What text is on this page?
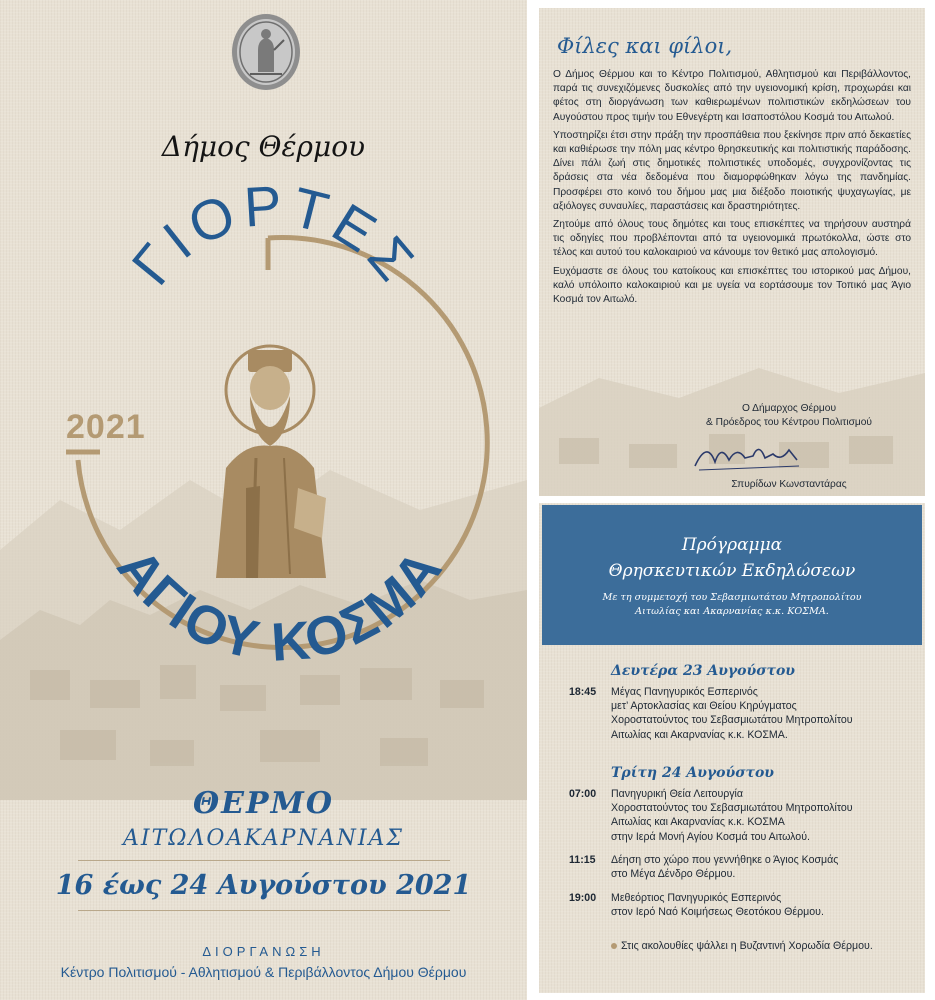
Δήμος Θέρμου
ΓΙΟΡΤΕΣ
ΑΓΙΟΥ ΚΟΣΜΑ
2021
ΘΕΡΜΟ
ΑΙΤΩΛΟΑΚΑΡΝΑΝΙΑΣ
16 έως 24 Αυγούστου 2021
ΔΙΟΡΓΑΝΩΣΗ
Κέντρο Πολιτισμού - Αθλητισμού & Περιβάλλοντος Δήμου Θέρμου
Φίλες και φίλοι,

Ο Δήμος Θέρμου και το Κέντρο Πολιτισμού, Αθλητισμού και Περιβάλλοντος, παρά τις συνεχιζόμενες δυσκολίες από την υγειονομική κρίση, προχωράει και φέτος στη διοργάνωση των καθιερωμένων πολιτιστικών εκδηλώσεων του Αυγούστου προς τιμήν του Εθνεγέρτη και Ισαποστόλου Κοσμά του Αιτωλού.

Υποστηρίζει έτσι στην πράξη την προσπάθεια που ξεκίνησε πριν από δεκαετίες και καθιέρωσε την πόλη μας κέντρο θρησκευτικής και πολιτιστικής παράδοσης. Δίνει πάλι ζωή στις δημοτικές πολιτιστικές υποδομές, συγχρονίζοντας τις δράσεις στα νέα δεδομένα που διαμορφώθηκαν λόγω της πανδημίας. Προσφέρει στο κοινό του δήμου μας μια διέξοδο ποιοτικής ψυχαγωγίας, με αξιόλογες συναυλίες, παραστάσεις και δραστηριότητες.

Ζητούμε από όλους τους δημότες και τους επισκέπτες να τηρήσουν αυστηρά τις οδηγίες που προβλέπονται από τα υγειονομικά πρωτόκολλα, ώστε στο τέλος και αυτού του καλοκαιριού να κάνουμε τον θετικό μας απολογισμό.

Ευχόμαστε σε όλους του κατοίκους και επισκέπτες του ιστορικού μας Δήμου, καλό υπόλοιπο καλοκαιριού και με υγεία να εορτάσουμε τον Τοπικό μας Άγιο Κοσμά τον Αιτωλό.

Ο Δήμαρχος Θέρμου
& Πρόεδρος του Κέντρου Πολιτισμού
Σπυρίδων Κωνσταντάρας
Πρόγραμμα
Θρησκευτικών Εκδηλώσεων
Με τη συμμετοχή του Σεβασμιωτάτου Μητροπολίτου
Αιτωλίας και Ακαρνανίας κ.κ. ΚΟΣΜΑ.
Δευτέρα 23 Αυγούστου
18:45 Μέγας Πανηγυρικός Εσπερινός
μετ’ Αρτοκλασίας και Θείου Κηρύγματος
Χοροστατούντος του Σεβασμιωτάτου Μητροπολίτου
Αιτωλίας και Ακαρνανίας κ.κ. ΚΟΣΜΑ.
Τρίτη 24 Αυγούστου
07:00 Πανηγυρική Θεία Λειτουργία
Χοροστατούντος του Σεβασμιωτάτου Μητροπολίτου
Αιτωλίας και Ακαρνανίας κ.κ. ΚΟΣΜΑ
στην Ιερά Μονή Αγίου Κοσμά του Αιτωλού.
11:15 Δέηση στο χώρο που γεννήθηκε ο Άγιος Κοσμάς
στο Μέγα Δένδρο Θέρμου.
19:00 Μεθεόρτιος Πανηγυρικός Εσπερινός
στον Ιερό Ναό Κοιμήσεως Θεοτόκου Θέρμου.
Στις ακολουθίες ψάλλει η Βυζαντινή Χορωδία Θέρμου.
